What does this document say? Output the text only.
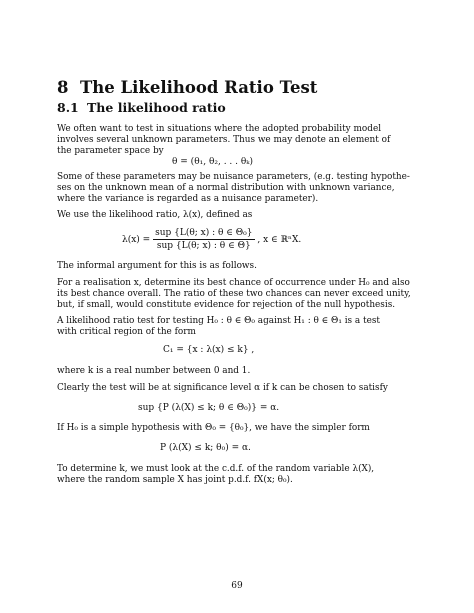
8 The Likelihood Ratio Test
8.1 The likelihood ratio
We often want to test in situations where the adopted probability model
involves several unknown parameters. Thus we may denote an element of
the parameter space by
θ = (θ₁, θ₂, . . . θₖ)
Some of these parameters may be nuisance parameters, (e.g. testing hypothe-
ses on the unknown mean of a normal distribution with unknown variance,
where the variance is regarded as a nuisance parameter).
We use the likelihood ratio, λ(x), defined as
$\lambda(x) = \frac{\text{sup \{L(θ; x) : θ ∈ Θ₀\}}}{\text{sup \{L(θ; x) : θ ∈ Θ\}}}$ , x ∈ ℝⁿX.
The informal argument for this is as follows.
For a realisation x, determine its best chance of occurrence under H₀ and also
its best chance overall. The ratio of these two chances can never exceed unity,
but, if small, would constitute evidence for rejection of the null hypothesis.
A likelihood ratio test for testing H₀ : θ ∈ Θ₀ against H₁ : θ ∈ Θ₁ is a test
with critical region of the form
C₁ = {x : λ(x) ≤ k} ,
where k is a real number between 0 and 1.
Clearly the test will be at significance level α if k can be chosen to satisfy
sup {P (λ(X) ≤ k; θ ∈ Θ₀)} = α.
If H₀ is a simple hypothesis with Θ₀ = {θ₀}, we have the simpler form
P (λ(X) ≤ k; θ₀) = α.
To determine k, we must look at the c.d.f. of the random variable λ(X),
where the random sample X has joint p.d.f. fX(x; θ₀).
69
